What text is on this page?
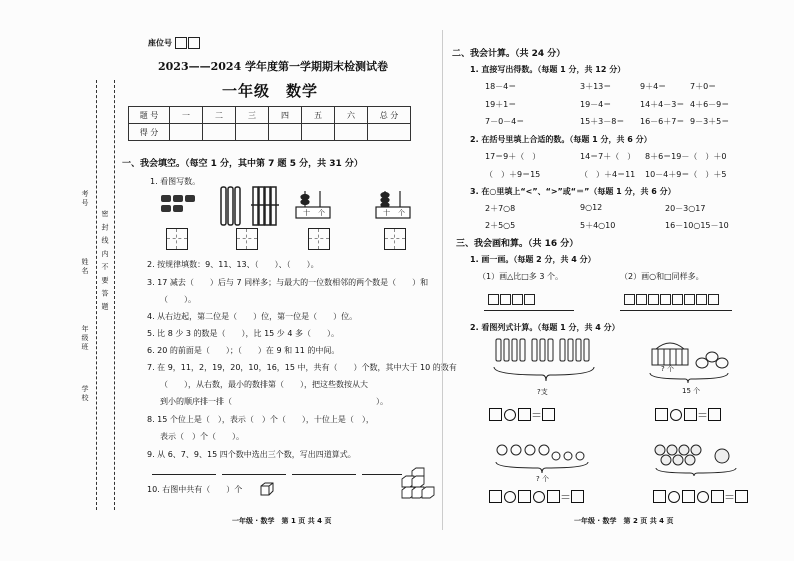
考号
姓名
年级班
学校
密 封 线 内 不 要 答 题
座位号
2023——2024 学年度第一学期期末检测试卷
一年级　数学
题 号	一	二	三	四	五	六	总 分
得 分							
一、我会填空。（每空 1 分，其中第 7 题 5 分，共 31 分）
1. 看图写数。
十 个	十 个
2. 按规律填数：9、11、13、（　　）、（　　）。
3. 17 减去（　　）后与 7 同样多；与最大的一位数相邻的两个数是（　　）和
（　　）。
4. 从右边起，第二位是（　　）位，第一位是（　　）位。
5. 比 8 少 3 的数是（　　），比 15 少 4 多（　　）。
6. 20 的前面是（　　）；（　　）在 9 和 11 的中间。
7. 在 9，11，2，19，20，10，16，15 中，共有（　　）个数，其中大于 10 的数有
（　　），从右数，最小的数排第（　　），把这些数按从大
到小的顺序排一排（　　　　　　　　　　　　　　　　　　）。
8. 15 个位上是（　），表示（　）个（　　），十位上是（　），
表示（　）个（　　）。
9. 从 6、7、9、15 四个数中选出三个数，写出四道算式。
10. 右图中共有（　　）个
一年级 · 数学　第 1 页 共 4 页
二、我会计算。（共 24 分）
1. 直接写出得数。（每题 1 分，共 12 分）
18－4＝	3＋13＝	9＋4＝	7＋0＝
19＋1＝	19－4＝	14＋4－3＝ 4＋6－9＝
7－0－4＝	15＋3－8＝ 16－6＋7＝ 9－3＋5＝
2. 在括号里填上合适的数。（每题 1 分，共 6 分）
17＝9＋（　）	14＝7＋（　） 8＋6＝19－（　）＋0
（　）＋9＝15	（　）＋4＝11 10－4＋9＝（　）＋5
3. 在○里填上“<”、“>”或“＝”（每题 1 分，共 6 分）
2＋7○8	9○12	20－3○17
2＋5○5	5＋4○10	16－10○15－10
三、我会画和算。（共 16 分）
1. 画一画。（每题 2 分，共 4 分）
（1）画△比□多 3 个。	（2）画○和□同样多。
2. 看图列式计算。（每题 1 分，共 4 分）
?支
＝
? 个
15 个
＝
? 个
＝	＝
一年级 · 数学　第 2 页 共 4 页
